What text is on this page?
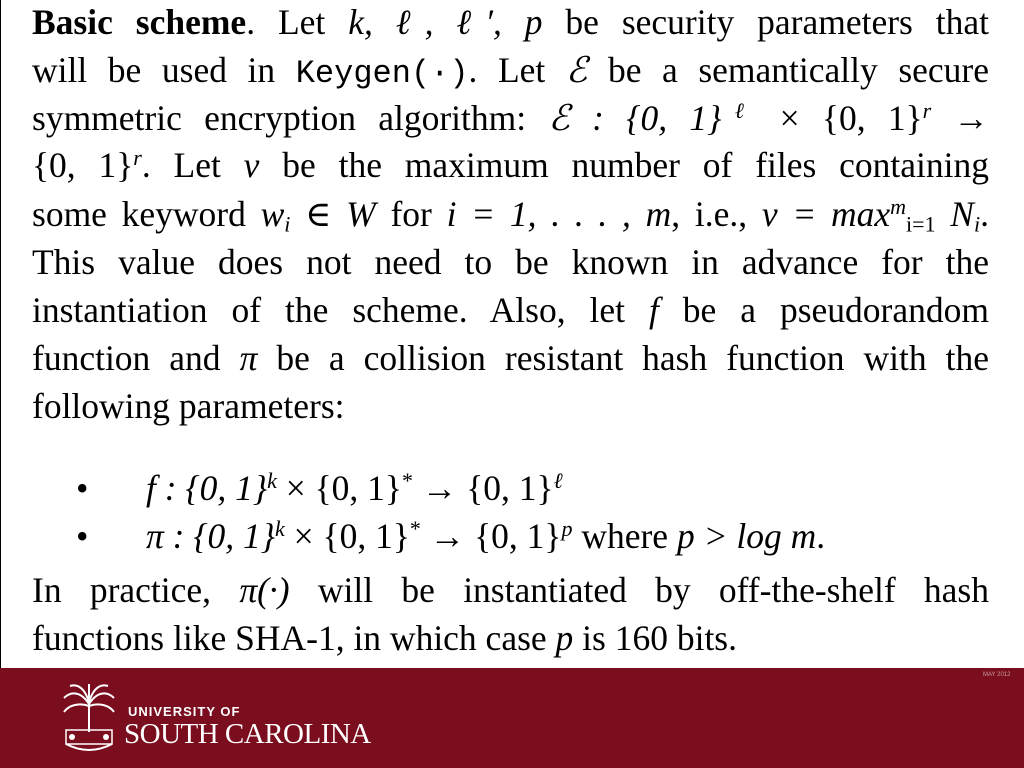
Basic scheme. Let k, ℓ, ℓ′, p be security parameters that
will be used in Keygen(·). Let ℰ be a semantically secure
symmetric encryption algorithm: ℰ : {0, 1}$^\ell$ × {0, 1}$^r$ →
{0, 1}$^r$. Let ν be the maximum number of files containing
some keyword $w_i$ ∈ W for i = 1, . . . , m, i.e., $\nu = \max^m_{i=1} N_i$.
This value does not need to be known in advance for the
instantiation of the scheme. Also, let f be a pseudorandom
function and π be a collision resistant hash function with the
following parameters:
• f : {0, 1}$^k$ × {0, 1}* → {0, 1}$^\ell$
• π : {0, 1}$^k$ × {0, 1}* → {0, 1}$^p$ where p > log m.
In practice, π(·) will be instantiated by off-the-shelf hash
functions like SHA-1, in which case p is 160 bits.
UNIVERSITY OF
SOUTH CAROLINA
MAY 2012
